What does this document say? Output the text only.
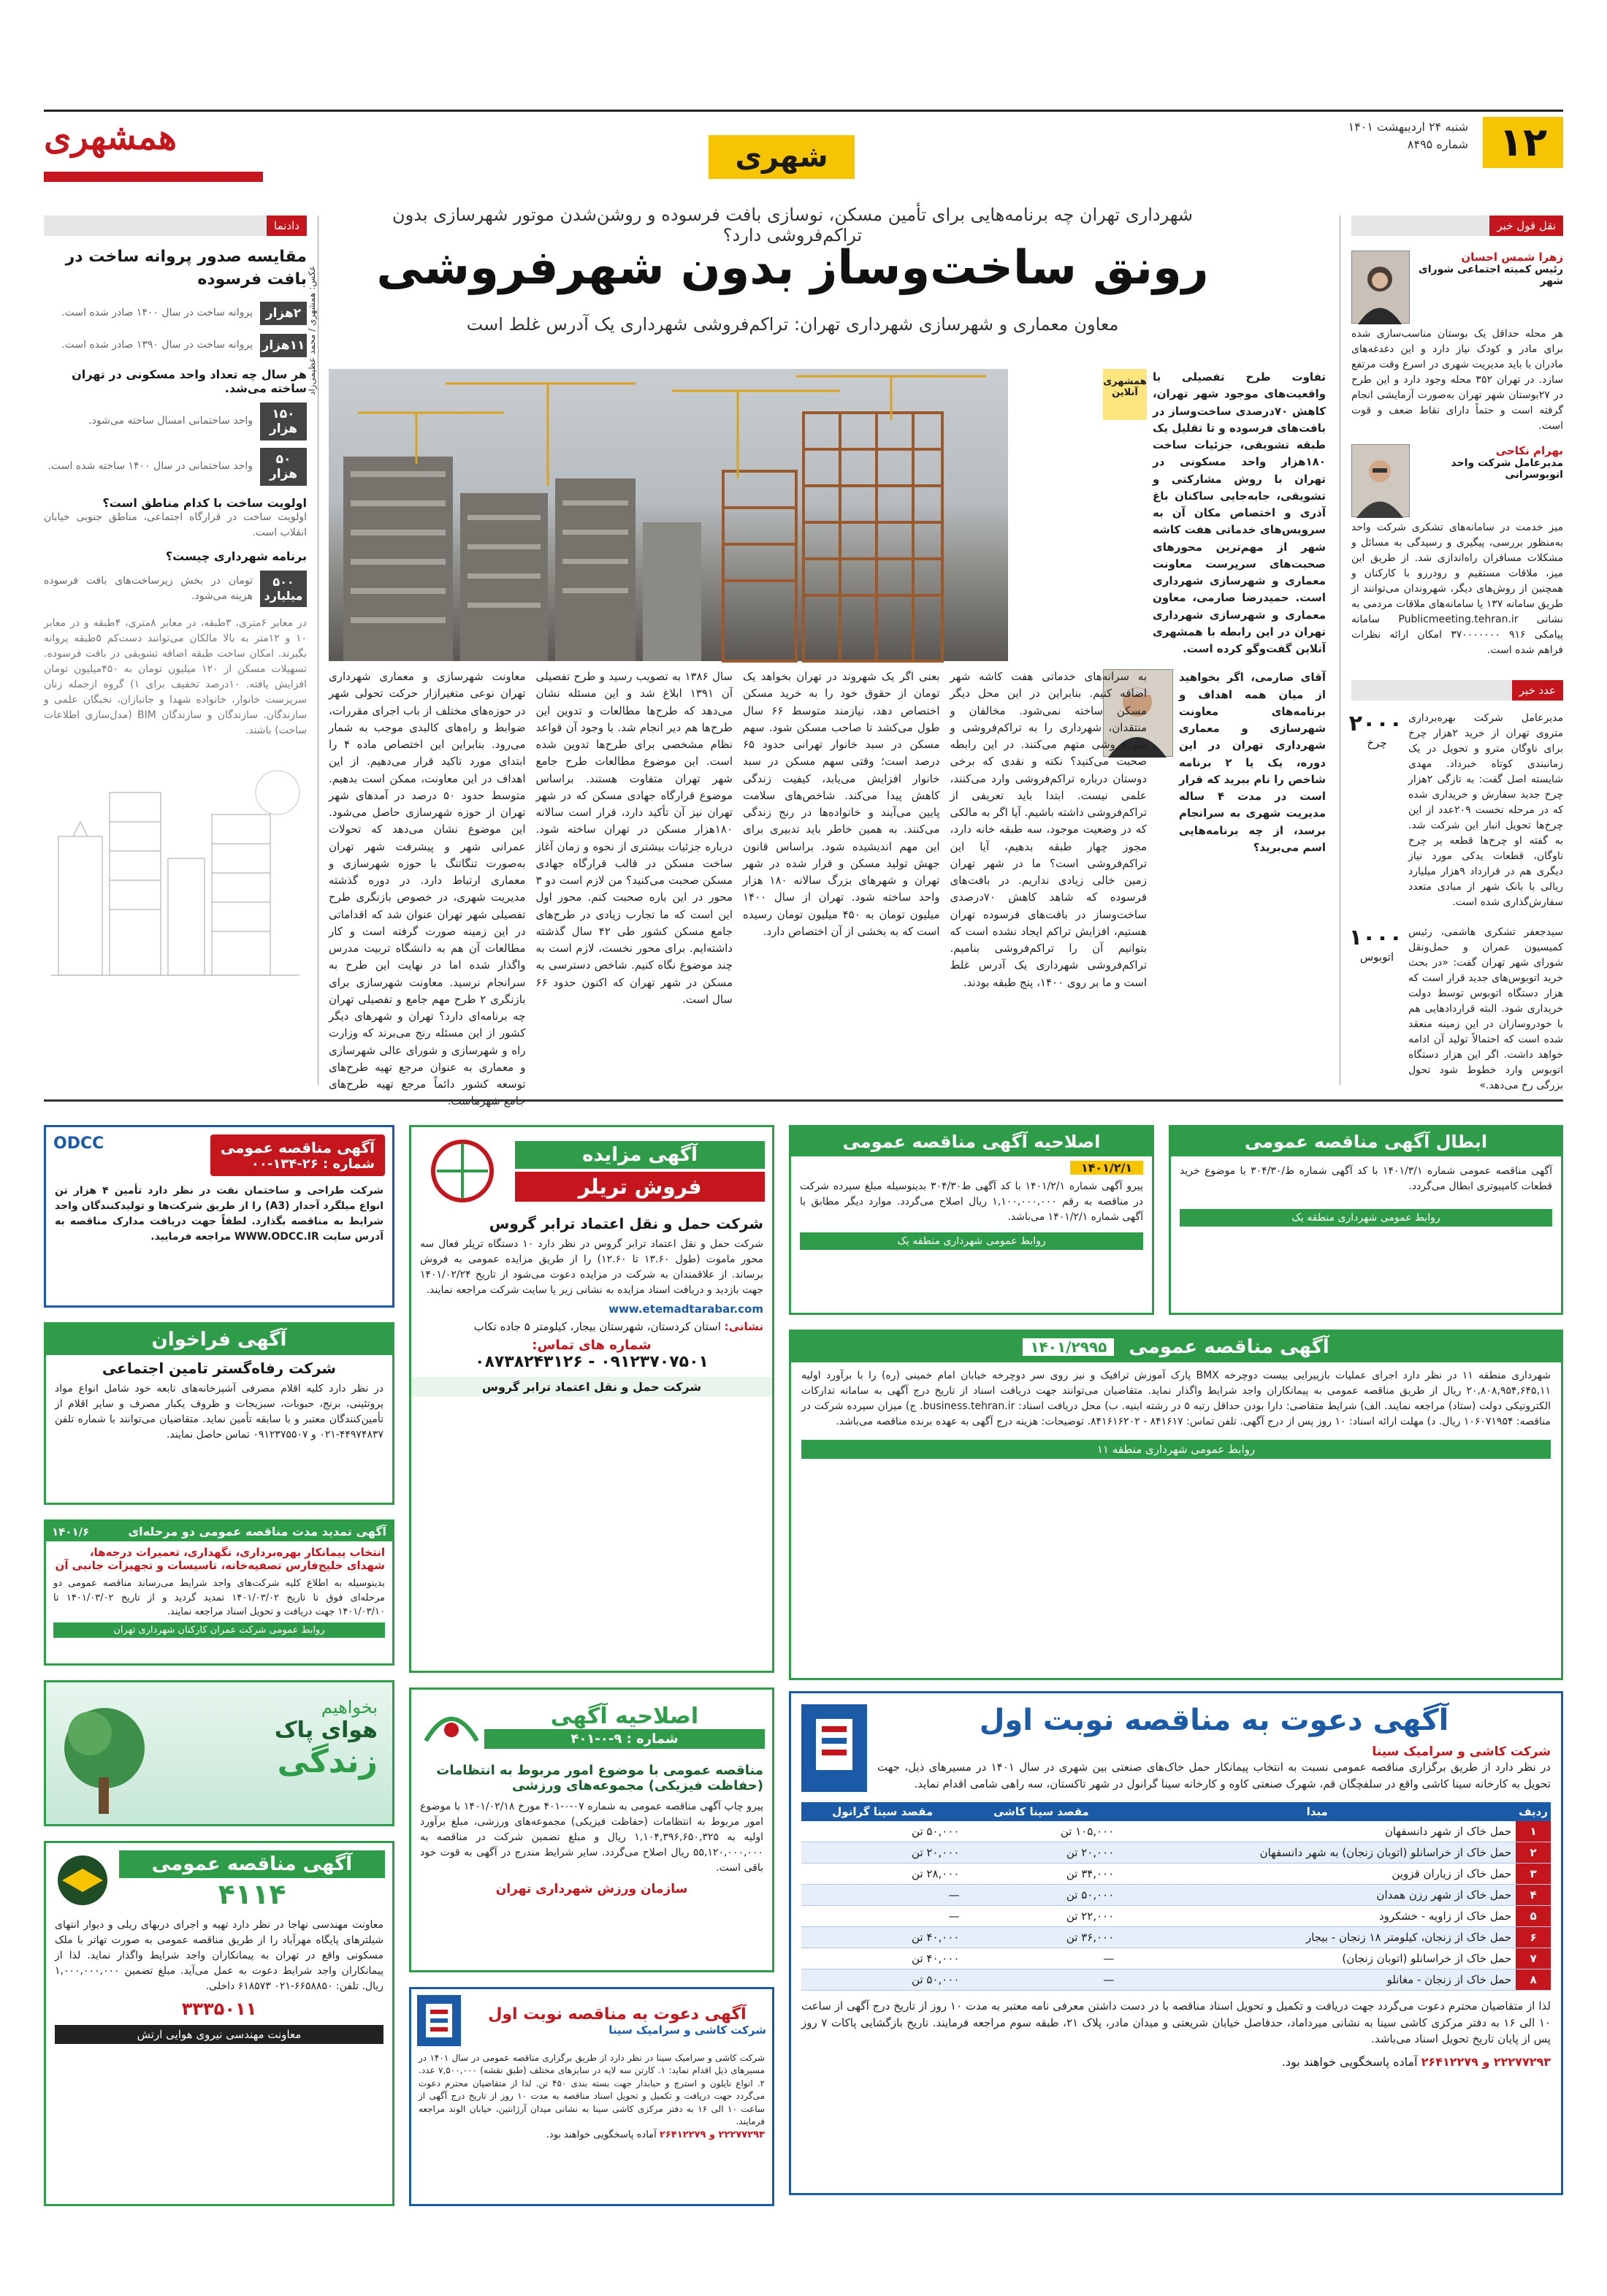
۱۲
شنبه ۲۴ اردیبهشت ۱۴۰۱
شماره ۸۴۹۵
شهری
همشهری
نقل قول خبر
زهرا شمس احسان
رئیس کمیته اجتماعی شورای شهر
هر محله حداقل یک بوستان مناسب‌سازی شده برای مادر و کودک نیاز دارد و این دغدغه‌های مادران با باید مدیریت شهری در اسرع وقت مرتفع سازد. در تهران ۳۵۲ محله وجود دارد و این طرح در ۲۷بوستان شهر تهران به‌صورت آزمایشی انجام گرفته است و حتماً دارای نقاط ضعف و قوت است.
بهرام نکاحی
مدیرعامل شرکت واحد اتوبوسرانی
میز خدمت در سامانه‌های تشکری شرکت واحد به‌منظور بررسی، پیگیری و رسیدگی به مسائل و مشکلات مسافران راه‌اندازی شد. از طریق این میز، ملاقات مستقیم و رودررو با کارکنان و همچنین از روش‌های دیگر، شهروندان می‌توانند از طریق سامانه ۱۳۷ یا سامانه‌های ملاقات مردمی به نشانی Publicmeeting.tehran.ir سامانه پیامکی ۹۱۶ ۳۷۰۰۰۰۰۰۰ امکان ارائه نظرات فراهم شده است.
عدد خبر
مدیرعامل شرکت بهره‌برداری متروی تهران از خرید ۲هزار چرخ برای ناوگان مترو و تحویل در یک زمانبندی کوتاه خبرداد. مهدی شایسته اصل گفت: به تازگی ۲هزار چرخ جدید سفارش و خریداری شده که در مرحله نخست ۲۰۹عدد از این چرخ‌ها تحویل انبار این شرکت شد. به گفته او چرخ‌ها قطعه پر چرخ ناوگان، قطعات یدکی مورد نیاز دیگری هم در قرارداد ۹هزار میلیارد ریالی با بانک شهر از مبادی متعدد سفارش‌گذاری شده است.
۲۰۰۰
چرخ
سیدجعفر تشکری هاشمی، رئیس کمیسیون عمران و حمل‌ونقل شورای شهر تهران گفت: «در بحث خرید اتوبوس‌های جدید قرار است که هزار دستگاه اتوبوس توسط دولت خریداری شود. البته قراردادهایی هم با خودروسازان در این زمینه منعقد شده است که احتمالاً تولید آن ادامه خواهد داشت. اگر این هزار دستگاه اتوبوس وارد خطوط شود تحول بزرگی رخ می‌دهد.»
۱۰۰۰
اتوبوس
دادنما
مقایسه صدور پروانه ساخت در بافت فرسوده
۲هزار
پروانه ساخت در سال ۱۴۰۰ صادر شده است.
۱۱هزار
پروانه ساخت در سال ۱۳۹۰ صادر شده است.
هر سال چه تعداد واحد مسکونی در تهران ساخته می‌شد.
۱۵۰ هزار
واحد ساختمانی امسال ساخته می‌شود.
۵۰ هزار
واحد ساختمانی در سال ۱۴۰۰ ساخته شده است.
اولویت ساخت با کدام مناطق است؟
اولویت ساخت در قرارگاه اجتماعی، مناطق جنوبی خیابان انقلاب است.
برنامه شهرداری چیست؟
۵۰۰ میلیارد
تومان در بخش زیرساخت‌های بافت فرسوده هزینه می‌شود.
در معابر ۶متری، ۳طبقه، در معابر ۸متری، ۴طبقه و در معابر ۱۰ و ۱۲متر به بالا مالکان می‌توانند دست‌کم ۵طبقه پروانه بگیرند. امکان ساخت طبقه اضافه تشویقی در بافت فرسوده. تسهیلات مسکن از ۱۲۰ میلیون تومان به ۴۵۰میلیون تومان افزایش یافته. ۱۰درصد تخفیف برای ۱) گروه ازجمله زنان سرپرست خانوار، خانواده شهدا و جانبازان، نخبگان علمی و سازندگان. سازندگان و سازندگان BIM (مدل‌سازی اطلاعات ساخت) باشند.
شهرداری تهران چه برنامه‌هایی برای تأمین مسکن، نوسازی بافت فرسوده و روشن‌شدن موتور شهرسازی بدون تراکم‌فروشی دارد؟
رونق ساخت‌وساز بدون شهرفروشی
معاون معماری و شهرسازی شهرداری تهران: تراکم‌فروشی شهرداری یک آدرس غلط است
تفاوت طرح تفصیلی با واقعیت‌های موجود شهر تهران، کاهش ۷۰درصدی ساخت‌وساز در بافت‌های فرسوده و تا تقلیل یک طبقه تشویقی، جزئیات ساخت ۱۸۰هزار واحد مسکونی در تهران با روش مشارکتی و تشویقی، جابه‌جایی ساکنان باغ آذری و اختصاص مکان آن به سرویس‌های خدماتی هفت کاشه شهر از مهم‌ترین محورهای صحبت‌های سرپرست معاونت معماری و شهرسازی شهرداری است. حمیدرضا صارمی، معاون معماری و شهرسازی شهرداری تهران در این رابطه با همشهری آنلاین گفت‌وگو کرده است.
همشهری آنلاین
آقای صارمی، اگر بخواهید از میان همه اهداف و برنامه‌های معاونت شهرسازی و معماری شهرداری تهران در این دوره، یک یا ۲ برنامه شاخص را نام ببرید که قرار است در مدت ۴ ساله مدیریت شهری به سرانجام برسد، از چه برنامه‌هایی اسم می‌برید؟
عکس: همشهری / محمد عظیمی‌زاد
معاونت شهرسازی و معماری شهرداری تهران نوعی متغیرازار حرکت تحولی شهر در حوزه‌های مختلف از باب اجرای مقررات، ضوابط و راه‌های کالبدی موجب به شمار می‌رود. بنابراین این اختصاص ماده ۴ را ابتدای مورد تاکید قرار می‌دهیم. از این اهداف در این معاونت، ممکن است بدهیم. متوسط حدود ۵۰ درصد در آمدهای شهر تهران از حوزه شهرسازی حاصل می‌شود. این موضوع نشان می‌دهد که تحولات عمرانی شهر و پیشرفت شهر تهران به‌صورت تنگاتنگ با حوزه شهرسازی و معماری ارتباط دارد. در دوره گذشته مدیریت شهری، در خصوص بازنگری طرح تفصیلی شهر تهران عنوان شد که اقداماتی در این زمینه صورت گرفته است و کار مطالعات آن هم به دانشگاه تربیت مدرس واگذار شده اما در نهایت این طرح به سرانجام نرسید. معاونت شهرسازی برای بازنگری ۲ طرح مهم جامع و تفصیلی تهران چه برنامه‌ای دارد؟ تهران و شهرهای دیگر کشور از این مسئله رنج می‌برند که وزارت راه و شهرسازی و شورای عالی شهرسازی و معماری به عنوان مرجع تهیه طرح‌های توسعه کشور دائماً مرجع تهیه طرح‌های
سال ۱۳۸۶ به تصویب رسید و طرح تفصیلی آن ۱۳۹۱ ابلاغ شد و این مسئله نشان می‌دهد که طرح‌ها مطالعات و تدوین این طرح‌ها هم دیر انجام شد. با وجود آن قواعد نظام مشخصی برای طرح‌ها تدوین شده است. این موضوع مطالعات طرح جامع شهر تهران متفاوت هستند. براساس موضوع قرارگاه جهادی مسکن که در شهر تهران نیز آن تأکید دارد، قرار است سالانه ۱۸۰هزار مسکن در تهران ساخته شود. درباره جزئیات بیشتری از نحوه و زمان آغاز ساخت مسکن در قالب قرارگاه جهادی مسکن صحبت می‌کنید؟ من لازم است دو ۳ محور در این باره صحبت کنم. محور اول این است که ما تجارب زیادی در طرح‌های جامع مسکن کشور طی ۴۲ سال گذشته داشته‌ایم. برای محور نخست، لازم است به چند موضوع نگاه کنیم. شاخص دسترسی به مسکن در شهر تهران که اکنون حدود ۶۶ سال است.
بعنی اگر یک شهروند در تهران بخواهد یک تومان از حقوق خود را به خرید مسکن اختصاص دهد، نیازمند متوسط ۶۶ سال طول می‌کشد تا صاحب مسکن شود. سهم مسکن در سبد خانوار تهرانی حدود ۶۵ درصد است؛ وقتی سهم مسکن در سبد خانوار افزایش می‌یابد، کیفیت زندگی کاهش پیدا می‌کند. شاخص‌های سلامت پایین می‌آیند و خانواده‌ها در رنج زندگی می‌کنند. به همین خاطر باید تدبیری برای این مهم اندیشیده شود. براساس قانون جهش تولید مسکن و قرار شده در شهر تهران و شهرهای بزرگ سالانه ۱۸۰ هزار واحد ساخته شود. تهران از سال ۱۴۰۰ میلیون تومان به ۴۵۰ میلیون تومان رسیده است که به بخشی از آن اختصاص دارد.
به سرانه‌های خدماتی هفت کاشه شهر اضافه کنیم. بنابراین در این محل دیگر مسکن ساخته نمی‌شود. مخالفان و منتقدان، شهرداری را به تراکم‌فروشی و شهرفروشی متهم می‌کنند. در این رابطه صحبت می‌کنید؟ نکته و نقدی که برخی دوستان درباره تراکم‌فروشی وارد می‌کنند، علمی نیست. ابتدا باید تعریفی از تراکم‌فروشی داشته باشیم. آیا اگر به مالکی که در وضعیت موجود، سه طبقه خانه دارد، مجوز چهار طبقه بدهیم، آیا این تراکم‌فروشی است؟ ما در شهر تهران زمین خالی زیادی نداریم. در بافت‌های فرسوده که شاهد کاهش ۷۰درصدی ساخت‌وساز در بافت‌های فرسوده تهران هستیم، افزایش تراکم ایجاد نشده است که بتوانیم آن را تراکم‌فروشی بنامیم. تراکم‌فروشی شهرداری یک آدرس غلط است و ما بر روی ۱۴۰۰، پنج طبقه بودند.
آگهی مناقصه عمومی
شماره : ۲۶-۱۳۴-۰۰
ODCC
شرکت طراحی و ساختمان نفت در نظر دارد تأمین ۴ هزار تن انواع میلگرد آجدار (A3) را از طریق شرکت‌ها و تولیدکنندگان واجد شرایط به مناقصه بگذارد. لطفاً جهت دریافت مدارک مناقصه به آدرس سایت WWW.ODCC.IR مراجعه فرمایید.
آگهی مزایده
فروش تریلر
شرکت حمل و نقل اعتماد ترابر گروس
شرکت حمل و نقل اعتماد ترابر گروس در نظر دارد ۱۰ دستگاه تریلر فعال سه محور ماموت (طول ۱۳.۶۰ تا ۱۲.۶۰) را از طریق مزایده عمومی به فروش برساند. از علاقمندان به شرکت در مزایده دعوت می‌شود از تاریخ ۱۴۰۱/۰۲/۲۴ جهت بازدید و دریافت اسناد مزایده به نشانی زیر یا سایت شرکت مراجعه نمایند.
www.etemadtarabar.com
نشانی: استان کردستان، شهرستان بیجار، کیلومتر ۵ جاده تکاب
شماره های تماس:
۰۹۱۲۳۷۰۷۵۰۱ - ۰۸۷۳۸۲۴۳۱۲۶
شرکت حمل و نقل اعتماد ترابر گروس
اصلاحیه آگهی مناقصه عمومی
۱۴۰۱/۲/۱
پیرو آگهی شماره ۱۴۰۱/۲/۱ با کد آگهی ط۳۰۴/۳۰ بدینوسیله مبلغ سپرده شرکت در مناقصه به رقم ۱,۱۰۰,۰۰۰,۰۰۰ ریال اصلاح می‌گردد. موارد دیگر مطابق با آگهی شماره ۱۴۰۱/۲/۱ می‌باشد.
روابط عمومی شهرداری منطقه یک
ابطال آگهی مناقصه عمومی
آگهی مناقصه عمومی شماره ۱۴۰۱/۳/۱ با کد آگهی شماره ط/۳۰۴/۳۰ با موضوع خرید قطعات کامپیوتری ابطال می‌گردد.
روابط عمومی شهرداری منطقه یک
آگهی فراخوان
شرکت رفاه‌گستر تامین اجتماعی
در نظر دارد کلیه اقلام مصرفی آشپزخانه‌های تابعه خود شامل انواع مواد پروتئینی، برنج، حبوبات، سبزیجات و ظروف یکبار مصرف و سایر اقلام از تأمین‌کنندگان معتبر و با سابقه تأمین نماید. متقاضیان می‌توانند با شماره تلفن ۴۴۹۷۴۸۳۷-۰۲۱ و ۰۹۱۲۳۷۵۵۰۷ تماس حاصل نمایند.
آگهی مناقصه عمومی
۱۴۰۱/۲۹۹۵
شهرداری منطقه ۱۱ در نظر دارد اجرای عملیات بازپیرایی بیست دوچرخه BMX پارک آموزش ترافیک و نیز روی سر دوچرخه خیابان امام خمینی (ره) را با برآورد اولیه ۲۰,۸۰۸,۹۵۴,۶۴۵,۱۱ ریال از طریق مناقصه عمومی به پیمانکاران واجد شرایط واگذار نماید. متقاضیان می‌توانند جهت دریافت اسناد از تاریخ درج آگهی به سامانه تدارکات الکترونیکی دولت (ستاد) مراجعه نمایند. الف) شرایط متقاضی: دارا بودن حداقل رتبه ۵ در رشته ابنیه. ب) محل دریافت اسناد: business.tehran.ir. ج) میزان سپرده شرکت در مناقصه: ۱۰۶۰۷۱۹۵۴ ریال. د) مهلت ارائه اسناد: ۱۰ روز پس از درج آگهی. تلفن تماس: ۸۴۱۶۱۷ - ۸۴۱۶۱۶۲۰۲. توضیحات: هزینه درج آگهی به عهده برنده مناقصه می‌باشد.
روابط عمومی شهرداری منطقه ۱۱
آگهی تمدید مدت مناقصه عمومی دو مرحله‌ای
۱۴۰۱/۶
انتخاب پیمانکار بهره‌برداری، نگهداری، تعمیرات درجه‌ها، شهدای خلیج‌فارس تصفیه‌خانه، تاسیسات و تجهیزات جانبی آن
بدینوسیله به اطلاع کلیه شرکت‌های واجد شرایط می‌رساند مناقصه عمومی دو مرحله‌ای فوق تا تاریخ ۱۴۰۱/۰۳/۰۲ تمدید گردید و از تاریخ ۱۴۰۱/۰۳/۰۲ تا ۱۴۰۱/۰۳/۱۰ جهت دریافت و تحویل اسناد مراجعه نمایند.
روابط عمومی شرکت عمران کارکنان شهرداری تهران
اصلاحیه آگهی
شماره : ۹-۰-۴۰۱
مناقصه عمومی با موضوع امور مربوط به انتظامات (حفاظت فیزیکی) مجموعه‌های ورزشی
پیرو چاپ آگهی مناقصه عمومی به شماره ۰۷-۰-۴۰۱ مورخ ۱۴۰۱/۰۲/۱۸ با موضوع امور مربوط به انتظامات (حفاظت فیزیکی) مجموعه‌های ورزشی، مبلغ برآورد اولیه به ۱,۱۰۴,۳۹۶,۶۵۰,۳۲۵ ریال و مبلغ تضمین شرکت در مناقصه به ۵۵,۱۲۰,۰۰۰,۰۰۰ ریال اصلاح می‌گردد. سایر شرایط مندرج در آگهی به قوت خود باقی است.
سازمان ورزش شهرداری تهران
بخواهیم
هوای پاک
زندگی
آگهی دعوت به مناقصه نوبت اول
شرکت کاشی و سرامیک سینا
در نظر دارد از طریق برگزاری مناقصه عمومی نسبت به انتخاب پیمانکار حمل خاک‌های صنعتی بین شهری در سال ۱۴۰۱ در مسیرهای ذیل، جهت تحویل به کارخانه سینا کاشی واقع در سلفچگان قم، شهرک صنعتی کاوه و کارخانه سینا گرانول در شهر تاکستان، سه راهی شامی اقدام نماید.
ردیف	مبدا	مقصد سینا کاشی	مقصد سینا گرانول
۱	حمل خاک از شهر دانسفهان	۱۰۵,۰۰۰ تن	۵۰,۰۰۰ تن
۲	حمل خاک از خراسانلو (اتوبان زنجان) به شهر دانسفهان	۲۰,۰۰۰ تن	۲۰,۰۰۰ تن
۳	حمل خاک از زیاران قزوین	۳۴,۰۰۰ تن	۲۸,۰۰۰ تن
۴	حمل خاک از شهر رزن همدان	۵۰,۰۰۰ تن	—
۵	حمل خاک از زاویه - خشکرود	۲۲,۰۰۰ تن	—
۶	حمل خاک از زنجان، کیلومتر ۱۸ زنجان - بیجار	۳۶,۰۰۰ تن	۴۰,۰۰۰ تن
۷	حمل خاک از خراسانلو (اتوبان زنجان)	—	۴۰,۰۰۰ تن
۸	حمل خاک از زنجان - مغانلو	—	۵۰,۰۰۰ تن
لذا از متقاضیان محترم دعوت می‌گردد جهت دریافت و تکمیل و تحویل اسناد مناقصه با در دست داشتن معرفی نامه معتبر به مدت ۱۰ روز از تاریخ درج آگهی از ساعت ۱۰ الی ۱۶ به دفتر مرکزی کاشی سینا به نشانی میرداماد، حدفاصل خیابان شریعتی و میدان مادر، پلاک ۲۱، طبقه سوم مراجعه فرمایند. تاریخ بازگشایی پاکات ۷ روز پس از پایان تاریخ تحویل اسناد می‌باشد.
۲۲۲۷۷۲۹۳ و ۲۶۴۱۲۲۷۹ آماده پاسخگویی خواهند بود.
آگهی مناقصه عمومی
۴۱۱۴
معاونت مهندسی نهاجا در نظر دارد تهیه و اجرای دربهای ریلی و دیوار انتهای شیلترهای پایگاه مهرآباد را از طریق مناقصه عمومی به صورت تهاتر با ملک مسکونی واقع در تهران به پیمانکاران واجد شرایط واگذار نماید. لذا از پیمانکاران واجد شرایط دعوت به عمل می‌آید. مبلغ تضمین ۱,۰۰۰,۰۰۰,۰۰۰ ریال. تلفن: ۶۶۵۸۸۵۰-۰۲۱ ۶۱۸۵۷۳ داخلی.
۳۳۳۵۰۱۱
معاونت مهندسی نیروی هوایی ارتش
آگهی دعوت به مناقصه نوبت اول
شرکت کاشی و سرامیک سینا
شرکت کاشی و سرامیک سینا در نظر دارد از طریق برگزاری مناقصه عمومی در سال ۱۴۰۱ در مسیرهای ذیل اقدام نماید: ۱. کارتن سه لایه در سایزهای مختلف (طبق نقشه) ۷,۵۰۰,۰۰۰ عدد. ۲. انواع نایلون و استرچ و حبابدار جهت بسته بندی ۴۵۰ تن. لذا از متقاضیان محترم دعوت می‌گردد جهت دریافت و تکمیل و تحویل اسناد مناقصه به مدت ۱۰ روز از تاریخ درج آگهی از ساعت ۱۰ الی ۱۶ به دفتر مرکزی کاشی سینا به نشانی میدان آرژانتین، خیابان الوند مراجعه فرمایند.
۲۲۲۷۷۲۹۳ و ۲۶۴۱۲۲۷۹ آماده پاسخگویی خواهند بود.
